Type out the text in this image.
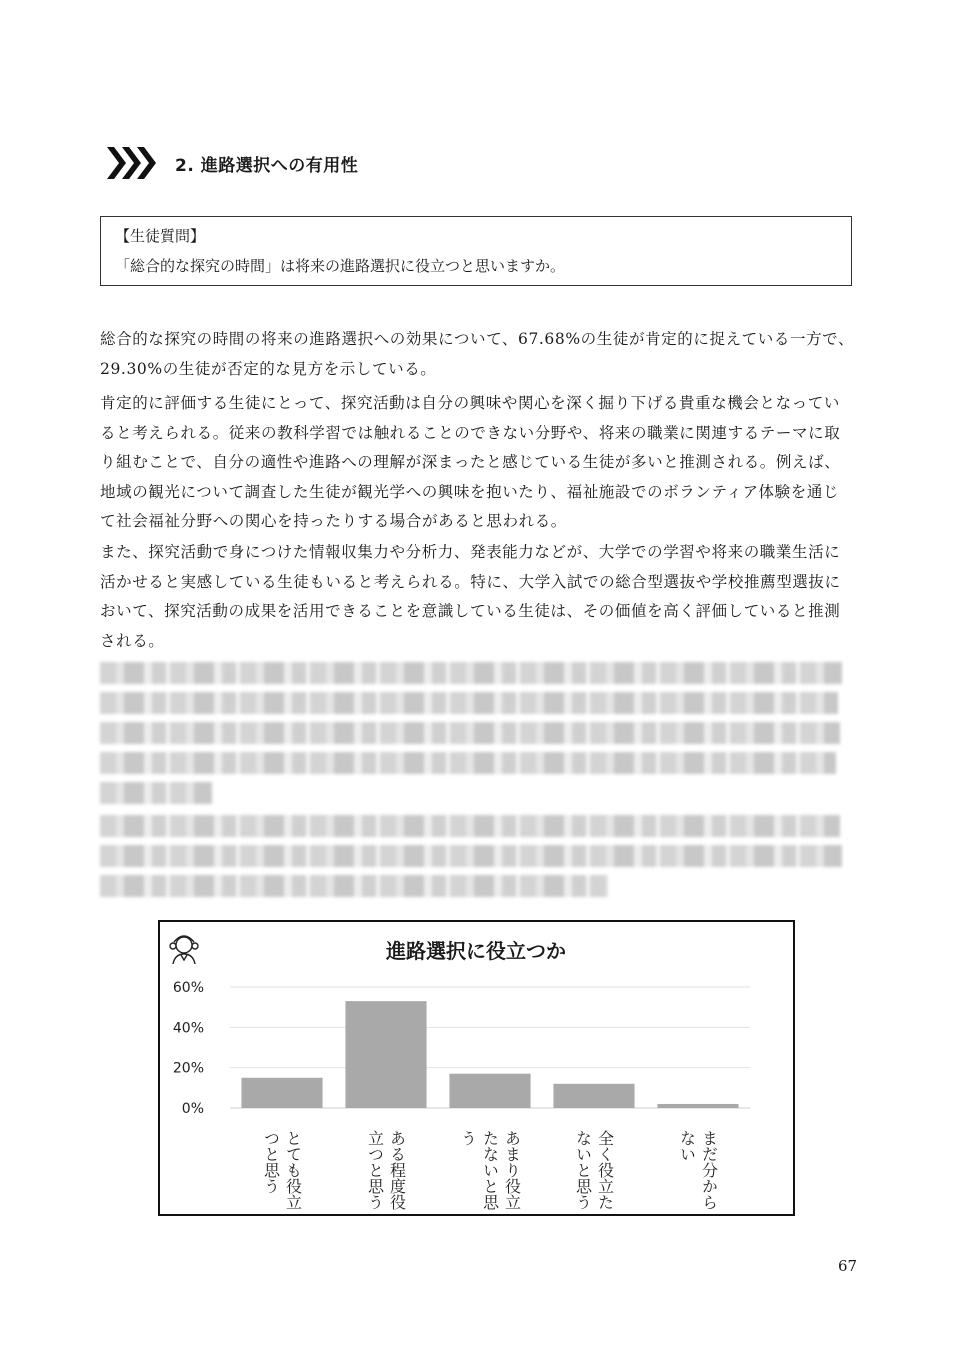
2. 進路選択への有用性
【生徒質問】
「総合的な探究の時間」は将来の進路選択に役立つと思いますか。

総合的な探究の時間の将来の進路選択への効果について、67.68%の生徒が肯定的に捉えている一方で、29.30%の生徒が否定的な見方を示している。

肯定的に評価する生徒にとって、探究活動は自分の興味や関心を深く掘り下げる貴重な機会となっていると考えられる。従来の教科学習では触れることのできない分野や、将来の職業に関連するテーマに取り組むことで、自分の適性や進路への理解が深まったと感じている生徒が多いと推測される。例えば、地域の観光について調査した生徒が観光学への興味を抱いたり、福祉施設でのボランティア体験を通じて社会福祉分野への関心を持ったりする場合があると思われる。

また、探究活動で身につけた情報収集力や分析力、発表能力などが、大学での学習や将来の職業生活に活かせると実感している生徒もいると考えられる。特に、大学入試での総合型選抜や学校推薦型選抜において、探究活動の成果を活用できることを意識している生徒は、その価値を高く評価していると推測される。

進路選択に役立つか
0%
20%
40%
60%
とても役立
つと思う	ある程度役
立つと思う	あまり役立
たないと思
う	全く役立た
ないと思う	まだ分から
ない
67
